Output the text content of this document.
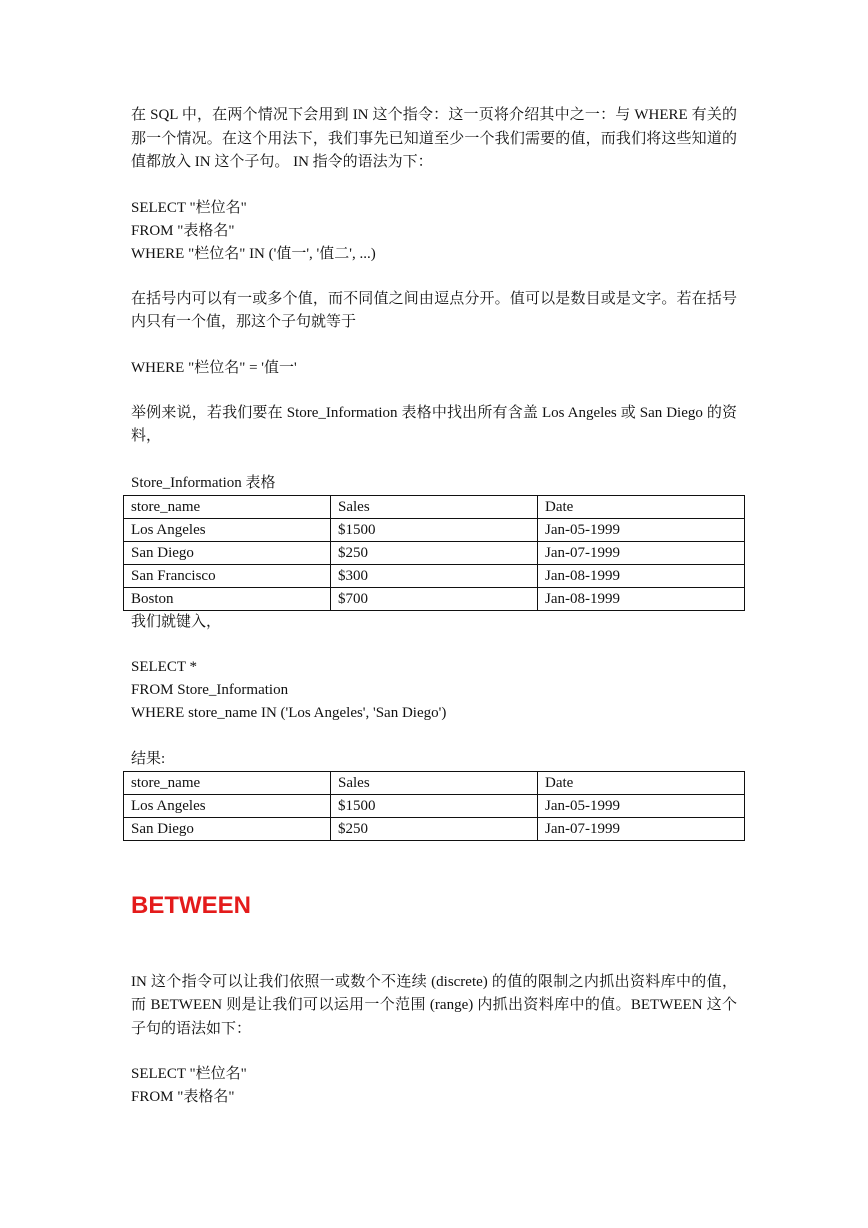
在 SQL 中，在两个情况下会用到 IN 这个指令：这一页将介绍其中之一：与 WHERE 有关的那一个情况。在这个用法下，我们事先已知道至少一个我们需要的值，而我们将这些知道的值都放入 IN 这个子句。 IN 指令的语法为下：

SELECT "栏位名"
FROM "表格名"
WHERE "栏位名" IN ('值一', '值二', ...)

在括号内可以有一或多个值，而不同值之间由逗点分开。值可以是数目或是文字。若在括号内只有一个值，那这个子句就等于

WHERE "栏位名" = '值一'

举例来说，若我们要在 Store_Information 表格中找出所有含盖 Los Angeles 或 San Diego 的资料，

Store_Information 表格
store_name	Sales	Date
Los Angeles	$1500	Jan-05-1999
San Diego	$250	Jan-07-1999
San Francisco	$300	Jan-08-1999
Boston	$700	Jan-08-1999
我们就键入，
SELECT *
FROM Store_Information
WHERE store_name IN ('Los Angeles', 'San Diego')
结果:
store_name	Sales	Date
Los Angeles	$1500	Jan-05-1999
San Diego	$250	Jan-07-1999
BETWEEN

IN 这个指令可以让我们依照一或数个不连续 (discrete) 的值的限制之内抓出资料库中的值，而 BETWEEN 则是让我们可以运用一个范围 (range) 内抓出资料库中的值。BETWEEN 这个子句的语法如下：

SELECT "栏位名"
FROM "表格名"
